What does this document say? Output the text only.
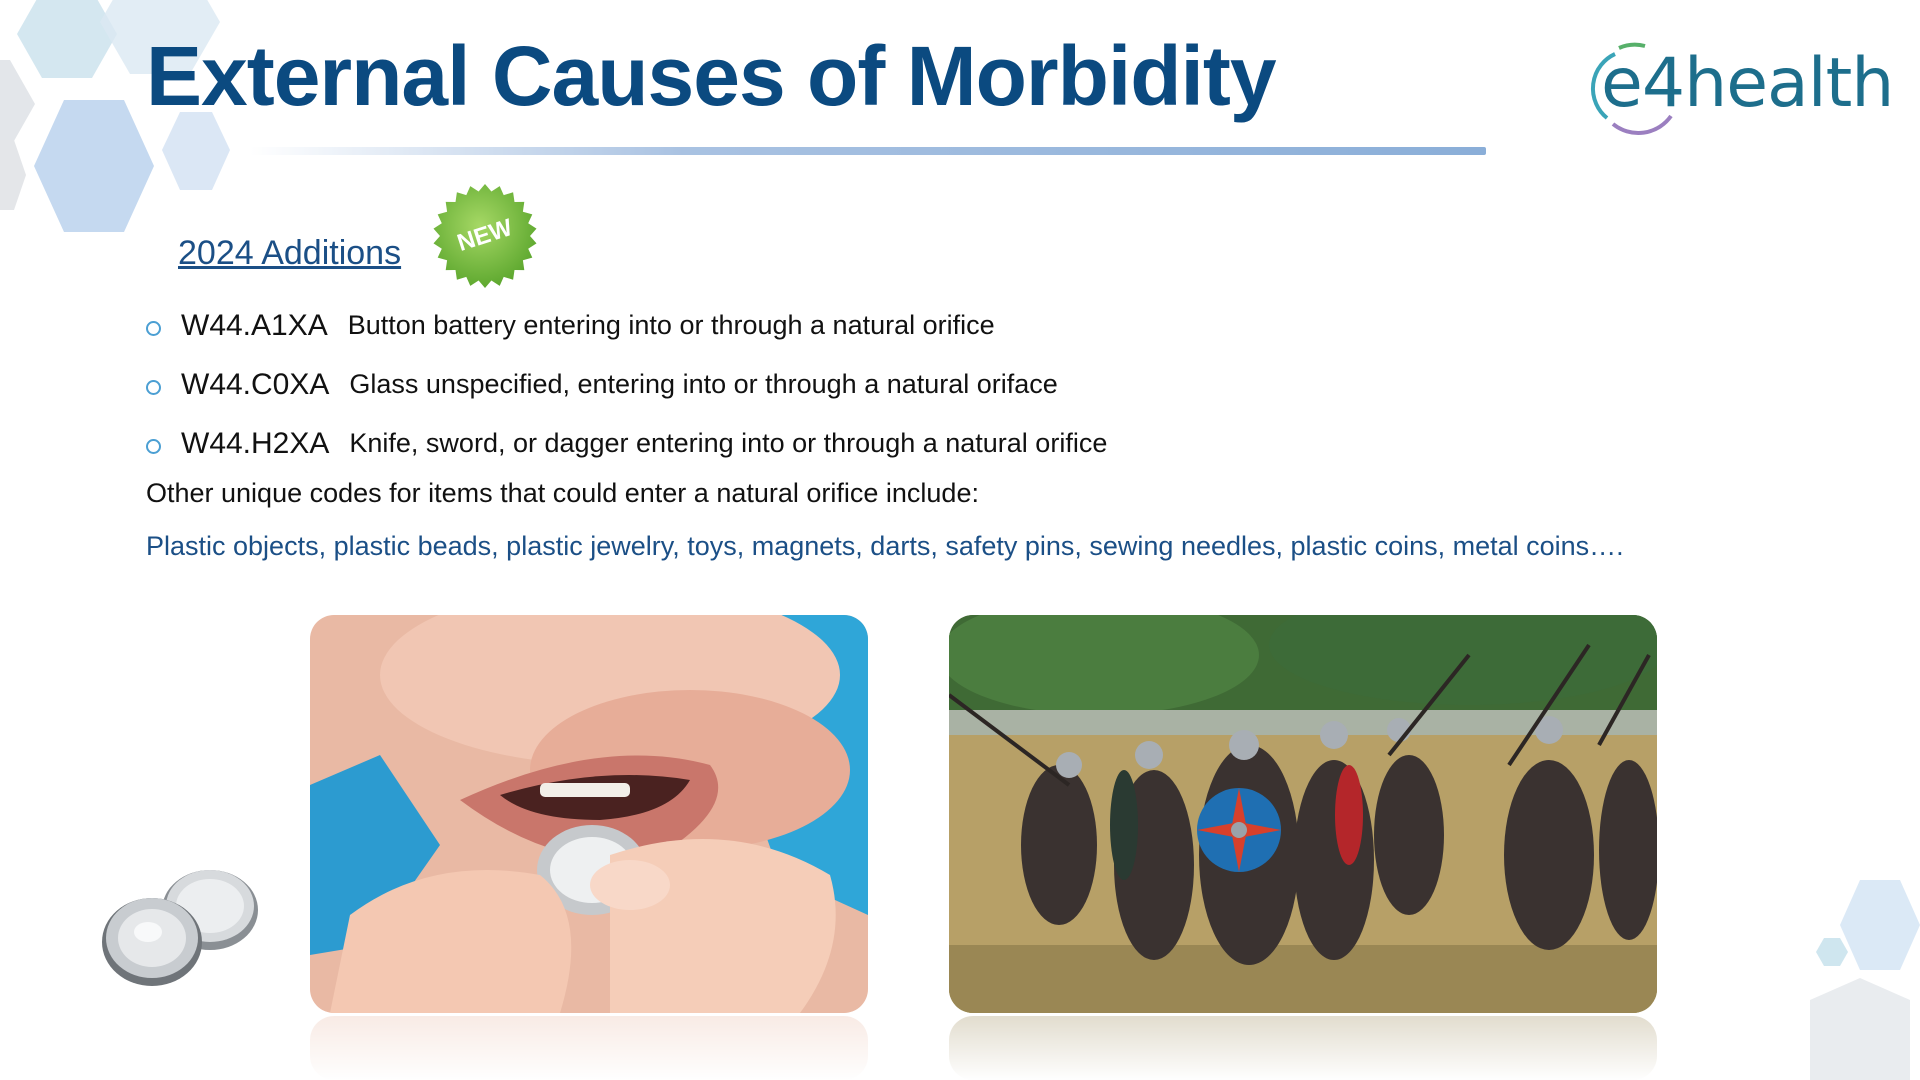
External Causes of Morbidity	e4health
2024 Additions NEW
W44.A1XA Button battery entering into or through a natural orifice
W44.C0XA Glass unspecified, entering into or through a natural oriface
W44.H2XA Knife, sword, or dagger entering into or through a natural orifice
Other unique codes for items that could enter a natural orifice include:
Plastic objects, plastic beads, plastic jewelry, toys, magnets, darts, safety pins, sewing needles, plastic coins, metal coins….
